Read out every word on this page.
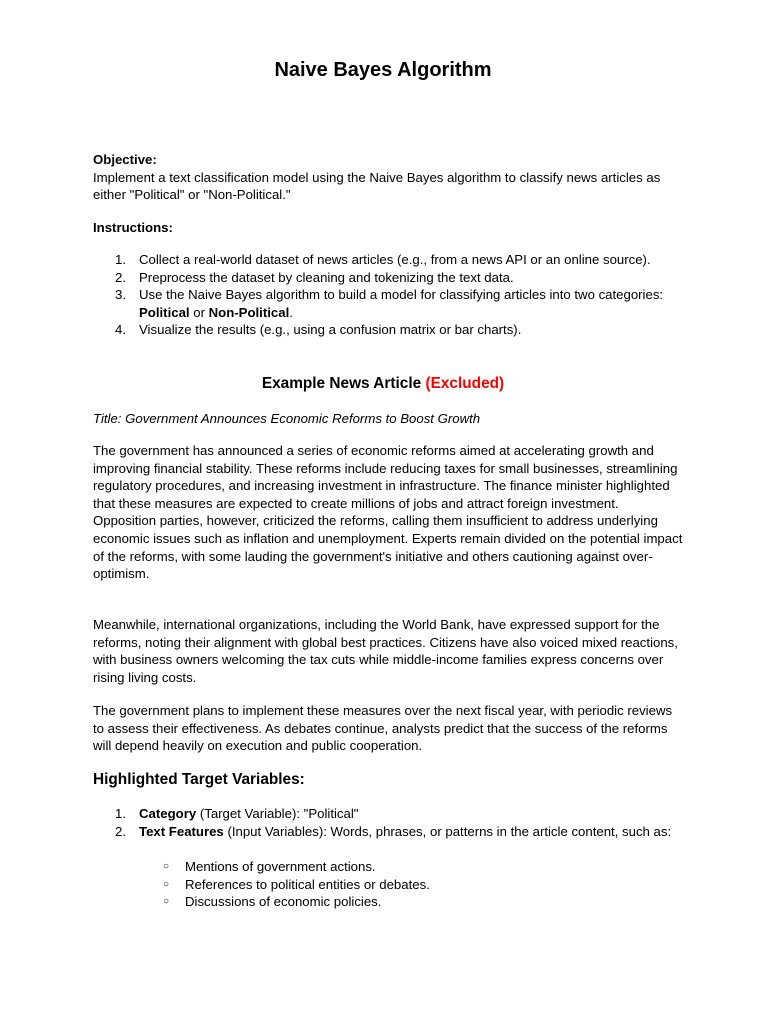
Naive Bayes Algorithm

Objective:

Implement a text classification model using the Naive Bayes algorithm to classify news articles as either "Political" or "Non-Political."

Instructions:

1. Collect a real-world dataset of news articles (e.g., from a news API or an online source).
2. Preprocess the dataset by cleaning and tokenizing the text data.
3. Use the Naive Bayes algorithm to build a model for classifying articles into two categories: Political or Non-Political.
4. Visualize the results (e.g., using a confusion matrix or bar charts).
Example News Article (Excluded)

Title: Government Announces Economic Reforms to Boost Growth

The government has announced a series of economic reforms aimed at accelerating growth and improving financial stability. These reforms include reducing taxes for small businesses, streamlining regulatory procedures, and increasing investment in infrastructure. The finance minister highlighted that these measures are expected to create millions of jobs and attract foreign investment.

Opposition parties, however, criticized the reforms, calling them insufficient to address underlying economic issues such as inflation and unemployment. Experts remain divided on the potential impact of the reforms, with some lauding the government's initiative and others cautioning against over-optimism.

Meanwhile, international organizations, including the World Bank, have expressed support for the reforms, noting their alignment with global best practices. Citizens have also voiced mixed reactions, with business owners welcoming the tax cuts while middle-income families express concerns over rising living costs.

The government plans to implement these measures over the next fiscal year, with periodic reviews to assess their effectiveness. As debates continue, analysts predict that the success of the reforms will depend heavily on execution and public cooperation.

Highlighted Target Variables:
1. Category (Target Variable): "Political"
2. Text Features (Input Variables): Words, phrases, or patterns in the article content, such as:
○ Mentions of government actions.
○ References to political entities or debates.
○ Discussions of economic policies.
